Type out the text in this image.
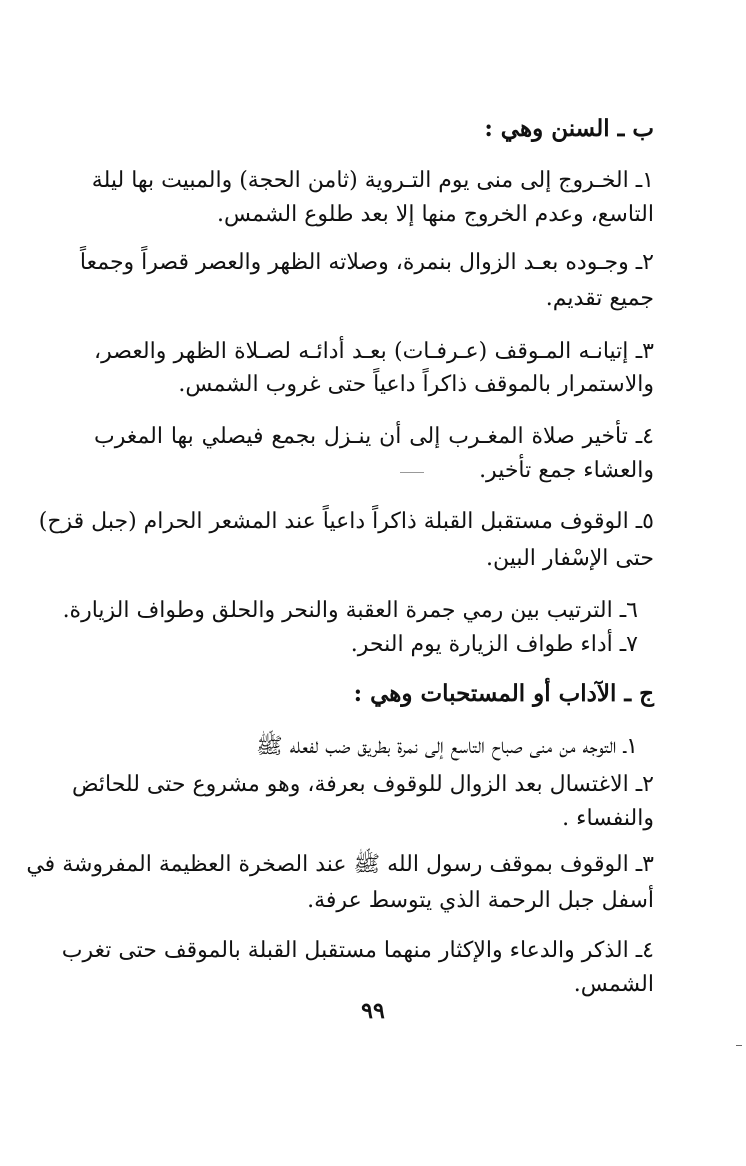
ب ـ السنن وهي :
١ـ الخـروج إلى منى يوم التـروية (ثامن الحجة) والمبيت بها ليلة
التاسع، وعدم الخروج منها إلا بعد طلوع الشمس.
٢ـ وجـوده بعـد الزوال بنمرة، وصلاته الظهر والعصر قصراً وجمعاً
جميع تقديم.
٣ـ إتيانـه المـوقف (عـرفـات) بعـد أدائـه لصـلاة الظهر والعصر،
والاستمرار بالموقف ذاكراً داعياً حتى غروب الشمس.
٤ـ تأخير صلاة المغـرب إلى أن ينـزل بجمع فيصلي بها المغرب
والعشاء جمع تأخير.
٥ـ الوقوف مستقبل القبلة ذاكراً داعياً عند المشعر الحرام (جبل قزح)
حتى الإسْفار البين.
٦ـ الترتيب بين رمي جمرة العقبة والنحر والحلق وطواف الزيارة.
٧ـ أداء طواف الزيارة يوم النحر.
ج ـ الآداب أو المستحبات وهي :
١ـ التوجه من منى صباح التاسع إلى نمرة بطريق ضب لفعله ﷺ
٢ـ الاغتسال بعد الزوال للوقوف بعرفة، وهو مشروع حتى للحائض
والنفساء .
٣ـ الوقوف بموقف رسول الله ﷺ عند الصخرة العظيمة المفروشة في
أسفل جبل الرحمة الذي يتوسط عرفة.
٤ـ الذكر والدعاء والإكثار منهما مستقبل القبلة بالموقف حتى تغرب
الشمس.
٩٩
